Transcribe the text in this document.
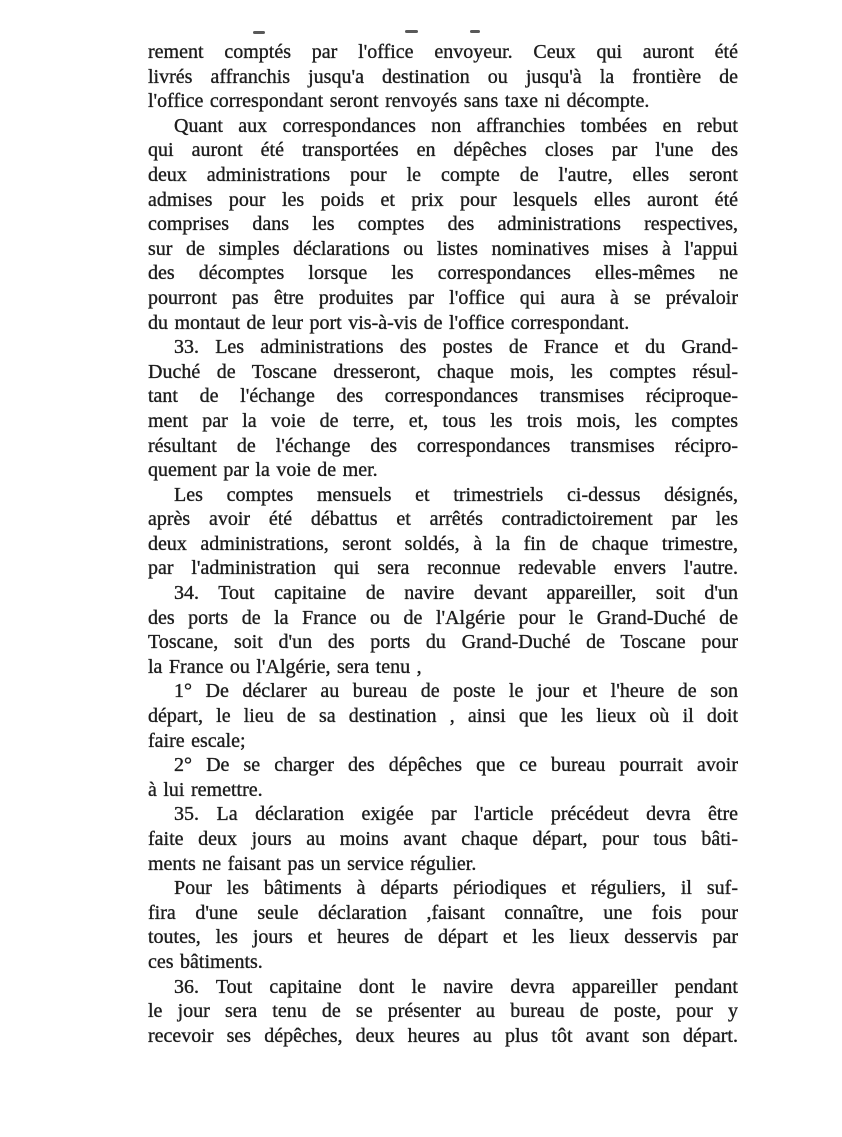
rement comptés par l'office envoyeur. Ceux qui auront été
livrés affranchis jusqu'a destination ou jusqu'à la frontière de
l'office correspondant seront renvoyés sans taxe ni décompte.
Quant aux correspondances non affranchies tombées en rebut
qui auront été transportées en dépêches closes par l'une des
deux administrations pour le compte de l'autre, elles seront
admises pour les poids et prix pour lesquels elles auront été
comprises dans les comptes des administrations respectives,
sur de simples déclarations ou listes nominatives mises à l'appui
des décomptes lorsque les correspondances elles-mêmes ne
pourront pas être produites par l'office qui aura à se prévaloir
du montaut de leur port vis-à-vis de l'office correspondant.
33. Les administrations des postes de France et du Grand-
Duché de Toscane dresseront, chaque mois, les comptes résul-
tant de l'échange des correspondances transmises réciproque-
ment par la voie de terre, et, tous les trois mois, les comptes
résultant de l'échange des correspondances transmises récipro-
quement par la voie de mer.
Les comptes mensuels et trimestriels ci-dessus désignés,
après avoir été débattus et arrêtés contradictoirement par les
deux administrations, seront soldés, à la fin de chaque trimestre,
par l'administration qui sera reconnue redevable envers l'autre.
34. Tout capitaine de navire devant appareiller, soit d'un
des ports de la France ou de l'Algérie pour le Grand-Duché de
Toscane, soit d'un des ports du Grand-Duché de Toscane pour
la France ou l'Algérie, sera tenu ,
1° De déclarer au bureau de poste le jour et l'heure de son
départ, le lieu de sa destination , ainsi que les lieux où il doit
faire escale;
2° De se charger des dépêches que ce bureau pourrait avoir
à lui remettre.
35. La déclaration exigée par l'article précédeut devra être
faite deux jours au moins avant chaque départ, pour tous bâti-
ments ne faisant pas un service régulier.
Pour les bâtiments à départs périodiques et réguliers, il suf-
fira d'une seule déclaration ,faisant connaître, une fois pour
toutes, les jours et heures de départ et les lieux desservis par
ces bâtiments.
36. Tout capitaine dont le navire devra appareiller pendant
le jour sera tenu de se présenter au bureau de poste, pour y
recevoir ses dépêches, deux heures au plus tôt avant son départ.
